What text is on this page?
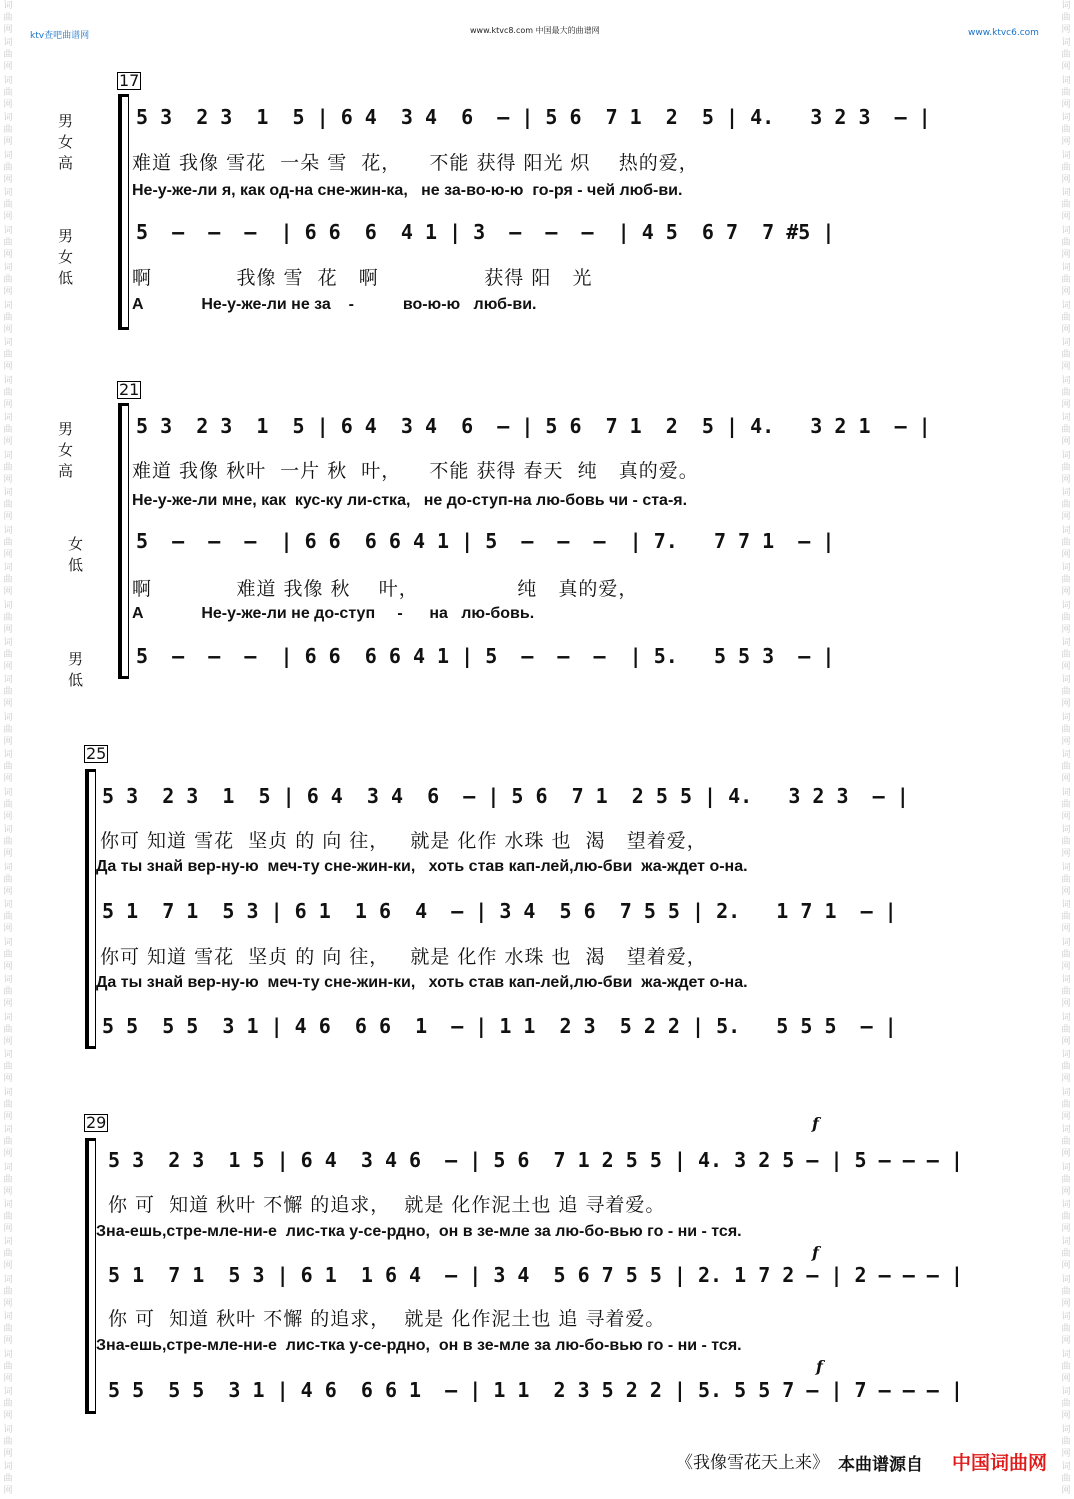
ktv查吧曲谱网
www.ktvc8.com 中国最大的曲谱网	www.ktvc6.com
词
曲
网
词
曲
网
词
曲
网
词
曲
网
词
曲
网
词
曲
网
词
曲
网
词
曲
网
词
曲
网
词
曲
网
词
曲
网
词
曲
网
词
曲
网
词
曲
网
词
曲
网
词
曲
网
词
曲
网
词
曲
网
词
曲
网
词
曲
网
词
曲
网
词
曲
网
词
曲
网
词
曲
网
词
曲
网
词
曲
网
词
曲
网
词
曲
网
词
曲
网
词
曲
网
词
曲
网
词
曲
网
词
曲
网
词
曲
网
词
曲
网
词
曲
网
词
曲
网
词
曲
网
词
曲
网
词
曲
网
词
曲
网
词
曲
网
词
曲
网
词
曲
网
词
曲
网
词
曲
网
词
曲
网
词
曲
网
词
曲
网
词
曲
网
词
曲
网
词
曲
网
词
曲
网
词
曲
网
词
曲
网
词
曲
网
词
曲
网
词
曲
网
词
曲
网
词
曲
网
词
曲
网
词
曲
网
词
曲
网
词
曲
网
词
曲
网
词
曲
网
词
曲
网
词
曲
网
词
曲
网
词
曲
网
词
曲
网
词
曲
网
词
曲
网
词
曲
网
词
曲
网
词
曲
网
词
曲
网
词
曲
网
词
曲
网
词
曲
网
17
男女高
5 3  2 3  1  5 | 6 4  3 4  6  – | 5 6  7 1  2  5 | 4.   3 2 3  – |
难道 我像 雪花  一朵 雪  花，    不能 获得 阳光 炽    热的爱，
Не-у-же-ли я, как од-на сне-жин-ка,   не за-во-ю-ю  го-ря - чей люб-ви.
男女低
5  –  –  –  | 6 6  6  4 1 | 3  –  –  –  | 4 5  6 7  7 #5 |
啊            我像 雪  花   啊               获得 阳   光
А             Не-у-же-ли не за    -           во-ю-ю   люб-ви.
21
男女高
5 3  2 3  1  5 | 6 4  3 4  6  – | 5 6  7 1  2  5 | 4.   3 2 1  – |
难道 我像 秋叶  一片 秋  叶，    不能 获得 春天  纯   真的爱。
Не-у-же-ли мне, как  кус-ку ли-стка,   не до-ступ-на лю-бовь чи - ста-я.
女低
5  –  –  –  | 6 6  6 6 4 1 | 5  –  –  –  | 7.   7 7 1  – |
啊            难道 我像 秋    叶，              纯   真的爱，
А             Не-у-же-ли не до-ступ     -      на   лю-бовь.
男低
5  –  –  –  | 6 6  6 6 4 1 | 5  –  –  –  | 5.   5 5 3  – |
25
5 3  2 3  1  5 | 6 4  3 4  6  – | 5 6  7 1  2 5 5 | 4.   3 2 3  – |
你可 知道 雪花  坚贞 的 向 往，   就是 化作 水珠 也  渴   望着爱，
Да ты знай вер-ну-ю  меч-ту сне-жин-ки,   хоть став кап-лей,лю-бви  жа-ждет о-на.
5 1  7 1  5 3 | 6 1  1 6  4  – | 3 4  5 6  7 5 5 | 2.   1 7 1  – |
你可 知道 雪花  坚贞 的 向 往，   就是 化作 水珠 也  渴   望着爱，
Да ты знай вер-ну-ю  меч-ту сне-жин-ки,   хоть став кап-лей,лю-бви  жа-ждет о-на.
5 5  5 5  3 1 | 4 6  6 6  1  – | 1 1  2 3  5 2 2 | 5.   5 5 5  – |
29	f
5 3  2 3  1 5 | 6 4  3 4 6  – | 5 6  7 1 2 5 5 | 4. 3 2 5 – | 5 – – – |
你 可  知道 秋叶 不懈 的追求，  就是 化作泥土也 追 寻着爱。
Зна-ешь,стре-мле-ни-е  лис-тка у-се-рдно,  он в зе-мле за лю-бо-вью го - ни - тся.
f
5 1  7 1  5 3 | 6 1  1 6 4  – | 3 4  5 6 7 5 5 | 2. 1 7 2 – | 2 – – – |
你 可  知道 秋叶 不懈 的追求，  就是 化作泥土也 追 寻着爱。
Зна-ешь,стре-мле-ни-е  лис-тка у-се-рдно,  он в зе-мле за лю-бо-вью го - ни - тся.
f
5 5  5 5  3 1 | 4 6  6 6 1  – | 1 1  2 3 5 2 2 | 5. 5 5 7 – | 7 – – – |
《我像雪花天上来》 本曲谱源自 中国词曲网
